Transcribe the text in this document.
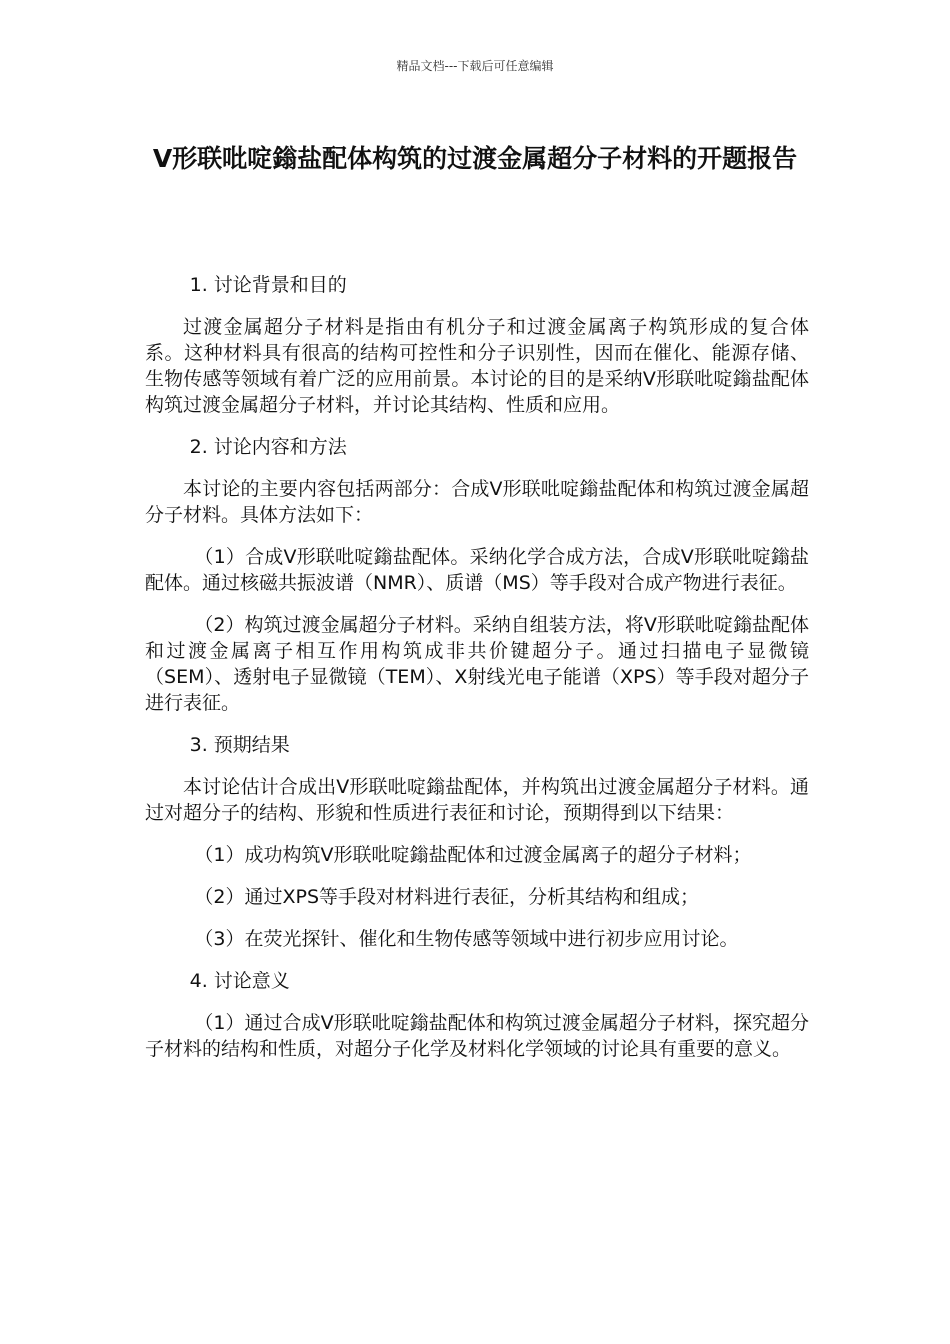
精品文档---下载后可任意编辑
V形联吡啶鎓盐配体构筑的过渡金属超分子材料的开题报告

1. 讨论背景和目的

过渡金属超分子材料是指由有机分子和过渡金属离子构筑形成的复合体系。这种材料具有很高的结构可控性和分子识别性，因而在催化、能源存储、生物传感等领域有着广泛的应用前景。本讨论的目的是采纳V形联吡啶鎓盐配体构筑过渡金属超分子材料，并讨论其结构、性质和应用。

2. 讨论内容和方法

本讨论的主要内容包括两部分：合成V形联吡啶鎓盐配体和构筑过渡金属超分子材料。具体方法如下：

（1）合成V形联吡啶鎓盐配体。采纳化学合成方法，合成V形联吡啶鎓盐配体。通过核磁共振波谱（NMR）、质谱（MS）等手段对合成产物进行表征。

（2）构筑过渡金属超分子材料。采纳自组装方法，将V形联吡啶鎓盐配体和过渡金属离子相互作用构筑成非共价键超分子。通过扫描电子显微镜（SEM）、透射电子显微镜（TEM）、X射线光电子能谱（XPS）等手段对超分子进行表征。

3. 预期结果

本讨论估计合成出V形联吡啶鎓盐配体，并构筑出过渡金属超分子材料。通过对超分子的结构、形貌和性质进行表征和讨论，预期得到以下结果：

（1）成功构筑V形联吡啶鎓盐配体和过渡金属离子的超分子材料；

（2）通过XPS等手段对材料进行表征，分析其结构和组成；

（3）在荧光探针、催化和生物传感等领域中进行初步应用讨论。

4. 讨论意义

（1）通过合成V形联吡啶鎓盐配体和构筑过渡金属超分子材料，探究超分子材料的结构和性质，对超分子化学及材料化学领域的讨论具有重要的意义。
